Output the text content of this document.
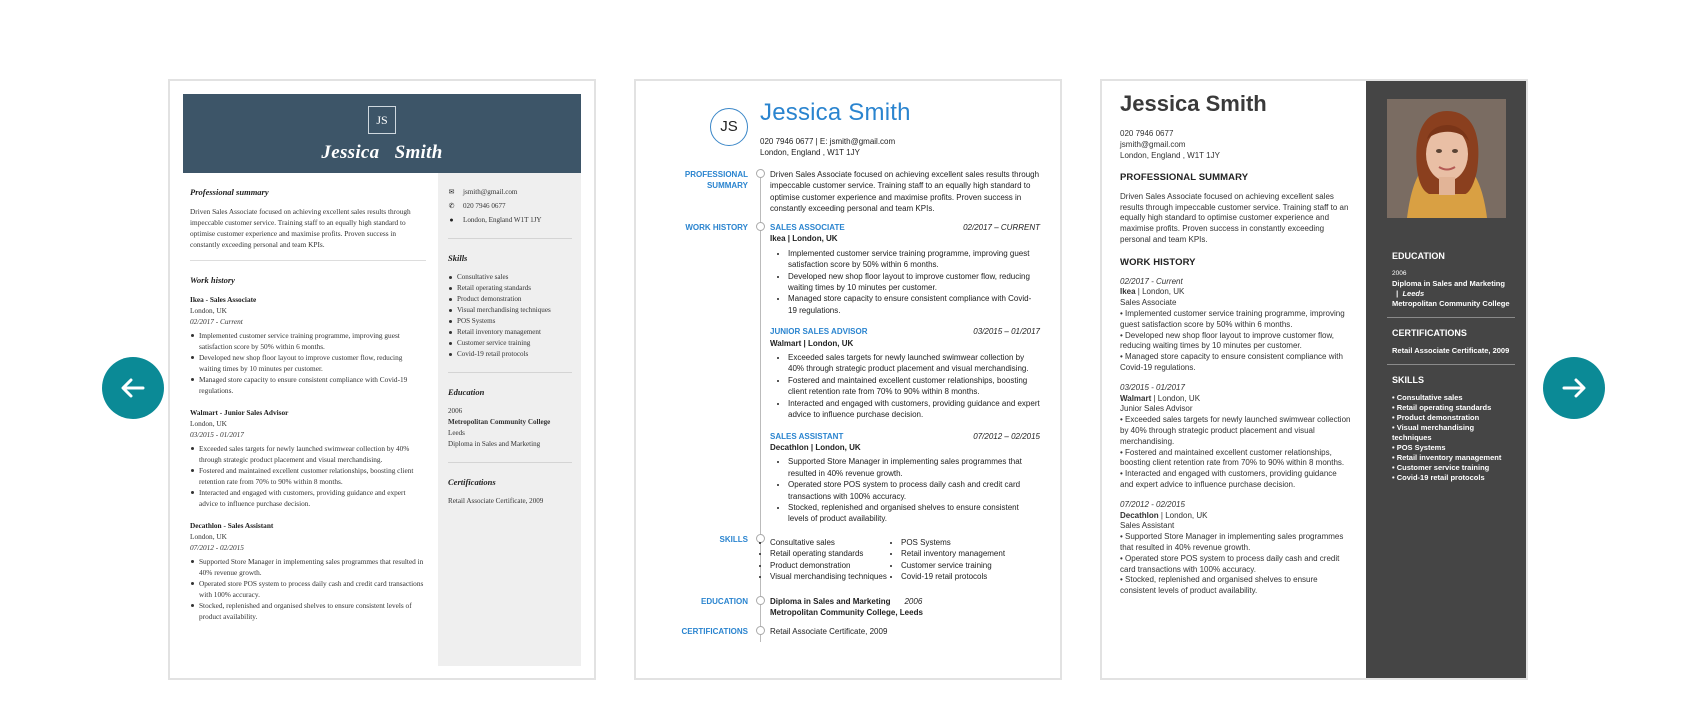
JS
Jessica   Smith
Professional summary
Driven Sales Associate focused on achieving excellent sales results through impeccable customer service. Training staff to an equally high standard to optimise customer experience and maximise profits. Proven success in constantly exceeding personal and team KPIs.
Work history
Ikea - Sales Associate
London, UK
02/2017 - Current
Implemented customer service training programme, improving guest satisfaction score by 50% within 6 months.
Developed new shop floor layout to improve customer flow, reducing waiting times by 10 minutes per customer.
Managed store capacity to ensure consistent compliance with Covid-19 regulations.
Walmart - Junior Sales Advisor
London, UK
03/2015 - 01/2017
Exceeded sales targets for newly launched swimwear collection by 40% through strategic product placement and visual merchandising.
Fostered and maintained excellent customer relationships, boosting client retention rate from 70% to 90% within 8 months.
Interacted and engaged with customers, providing guidance and expert advice to influence purchase decision.
Decathlon - Sales Assistant
London, UK
07/2012 - 02/2015
Supported Store Manager in implementing sales programmes that resulted in 40% revenue growth.
Operated store POS system to process daily cash and credit card transactions with 100% accuracy.
Stocked, replenished and organised shelves to ensure consistent levels of product availability.
✉ jsmith@gmail.com
✆ 020 7946 0677
● London, England W1T 1JY
Skills
Consultative sales
Retail operating standards
Product demonstration
Visual merchandising techniques
POS Systems
Retail inventory management
Customer service training
Covid-19 retail protocols
Education
2006
Metropolitan Community College
Leeds
Diploma in Sales and Marketing
Certifications
Retail Associate Certificate, 2009
JS
Jessica Smith
020 7946 0677 | E: jsmith@gmail.com
London, England , W1T 1JY
PROFESSIONAL
SUMMARY
Driven Sales Associate focused on achieving excellent sales results through impeccable customer service. Training staff to an equally high standard to optimise customer experience and maximise profits. Proven success in constantly exceeding personal and team KPIs.
WORK HISTORY	SALES ASSOCIATE	02/2017 – CURRENT
Ikea | London, UK
• Implemented customer service training programme, improving guest satisfaction score by 50% within 6 months.
• Developed new shop floor layout to improve customer flow, reducing waiting times by 10 minutes per customer.
• Managed store capacity to ensure consistent compliance with Covid-19 regulations.
JUNIOR SALES ADVISOR	03/2015 – 01/2017
Walmart | London, UK
• Exceeded sales targets for newly launched swimwear collection by 40% through strategic product placement and visual merchandising.
• Fostered and maintained excellent customer relationships, boosting client retention rate from 70% to 90% within 8 months.
• Interacted and engaged with customers, providing guidance and expert advice to influence purchase decision.
SALES ASSISTANT	07/2012 – 02/2015
Decathlon | London, UK
• Supported Store Manager in implementing sales programmes that resulted in 40% revenue growth.
• Operated store POS system to process daily cash and credit card transactions with 100% accuracy.
• Stocked, replenished and organised shelves to ensure consistent levels of product availability.
SKILLS
•	Consultative sales
• Retail operating standards
• Product demonstration
• Visual merchandising techniques
• POS Systems
• Retail inventory management
• Customer service training
• Covid-19 retail protocols
EDUCATION	Diploma in Sales and Marketing 2006
Metropolitan Community College, Leeds
CERTIFICATIONS	Retail Associate Certificate, 2009
Jessica Smith
020 7946 0677
jsmith@gmail.com
London, England , W1T 1JY
PROFESSIONAL SUMMARY
Driven Sales Associate focused on achieving excellent sales results through impeccable customer service. Training staff to an equally high standard to optimise customer experience and maximise profits. Proven success in constantly exceeding personal and team KPIs.
WORK HISTORY
02/2017 - Current
Ikea | London, UK
Sales Associate
• Implemented customer service training programme, improving guest satisfaction score by 50% within 6 months.
• Developed new shop floor layout to improve customer flow, reducing waiting times by 10 minutes per customer.
• Managed store capacity to ensure consistent compliance with Covid-19 regulations.
03/2015 - 01/2017
Walmart | London, UK
Junior Sales Advisor
• Exceeded sales targets for newly launched swimwear collection by 40% through strategic product placement and visual merchandising.
• Fostered and maintained excellent customer relationships, boosting client retention rate from 70% to 90% within 8 months.
• Interacted and engaged with customers, providing guidance and expert advice to influence purchase decision.
07/2012 - 02/2015
Decathlon | London, UK
Sales Assistant
• Supported Store Manager in implementing sales programmes that resulted in 40% revenue growth.
• Operated store POS system to process daily cash and credit card transactions with 100% accuracy.
• Stocked, replenished and organised shelves to ensure consistent levels of product availability.
EDUCATION
2006
Diploma in Sales and Marketing  |  Leeds
Metropolitan Community College
CERTIFICATIONS
Retail Associate Certificate, 2009
SKILLS
• Consultative sales
• Retail operating standards
• Product demonstration
• Visual merchandising techniques
• POS Systems
• Retail inventory management
• Customer service training
• Covid-19 retail protocols
